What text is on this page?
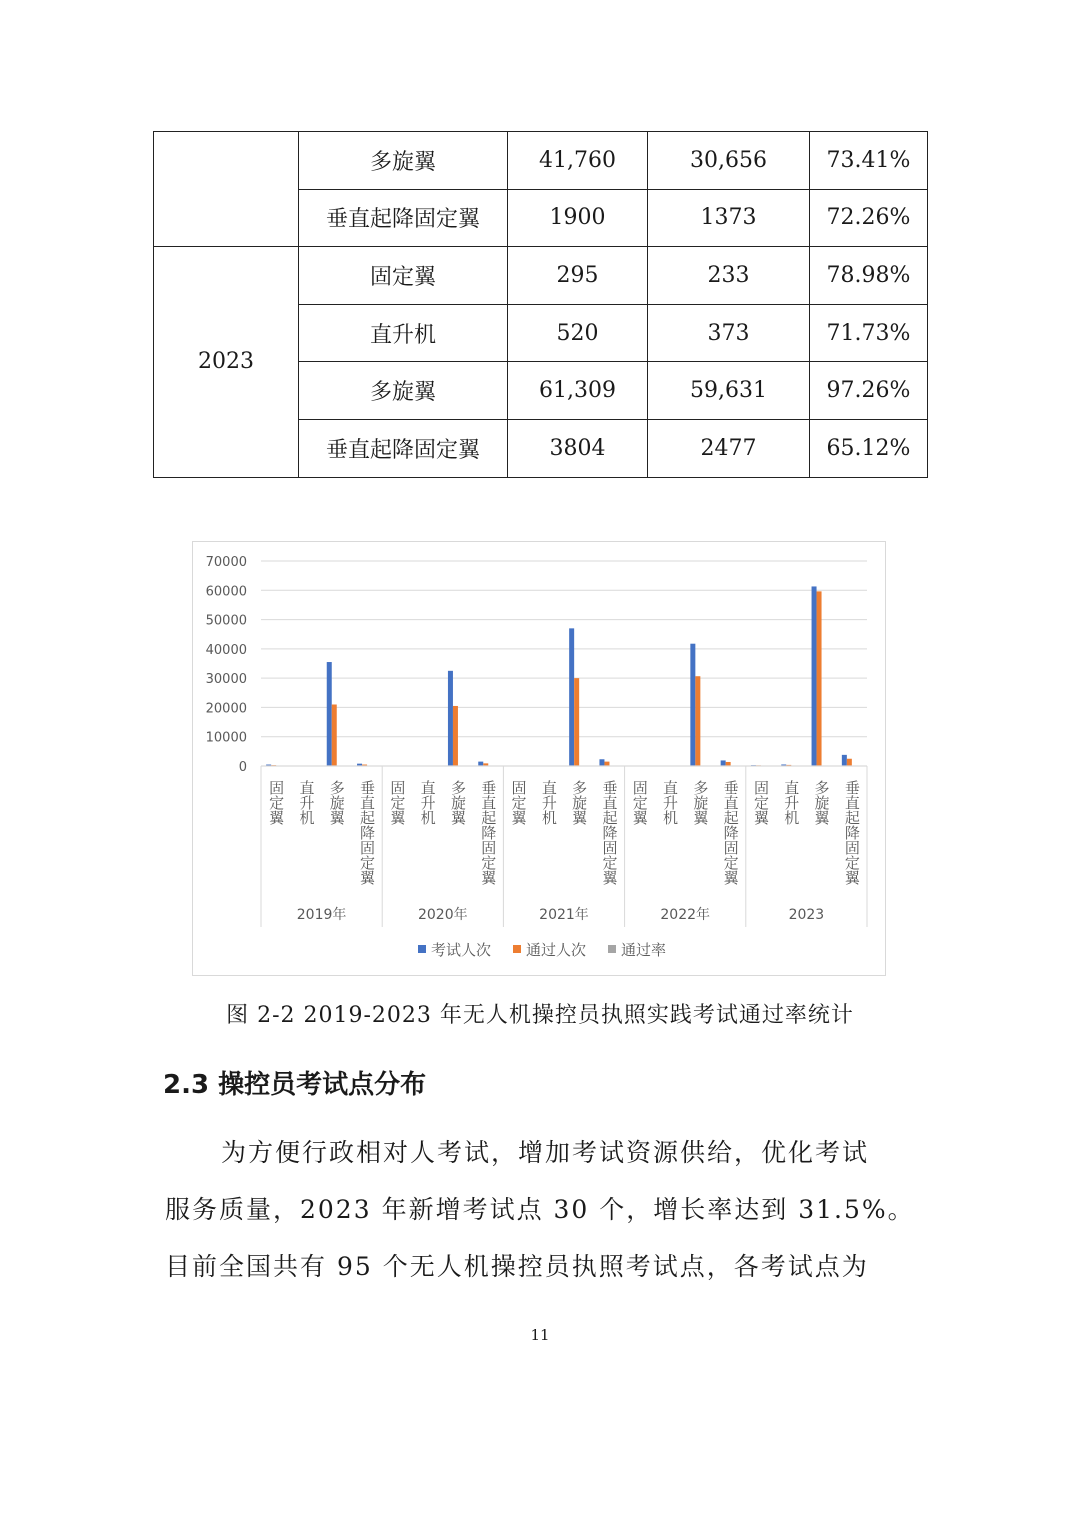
	多旋翼	41,760	30,656	73.41%
	垂直起降固定翼	1900	1373	72.26%
2023	固定翼	295	233	78.98%
	直升机	520	373	71.73%
	多旋翼	61,309	59,631	97.26%
	垂直起降固定翼	3804	2477	65.12%
0
10000
20000
30000
40000
50000
60000
70000
固定翼 直升机 多旋翼 垂直起降固定翼
2019年
固定翼 直升机 多旋翼 垂直起降固定翼
2020年
固定翼 直升机 多旋翼 垂直起降固定翼
2021年
固定翼 直升机 多旋翼 垂直起降固定翼
2022年
固定翼 直升机 多旋翼 垂直起降固定翼
2023
考试人次 通过人次 通过率
图 2-2 2019-2023 年无人机操控员执照实践考试通过率统计
2.3 操控员考试点分布
为方便行政相对人考试，增加考试资源供给，优化考试
服务质量，2023 年新增考试点 30 个，增长率达到 31.5%。
目前全国共有 95 个无人机操控员执照考试点，各考试点为
11
